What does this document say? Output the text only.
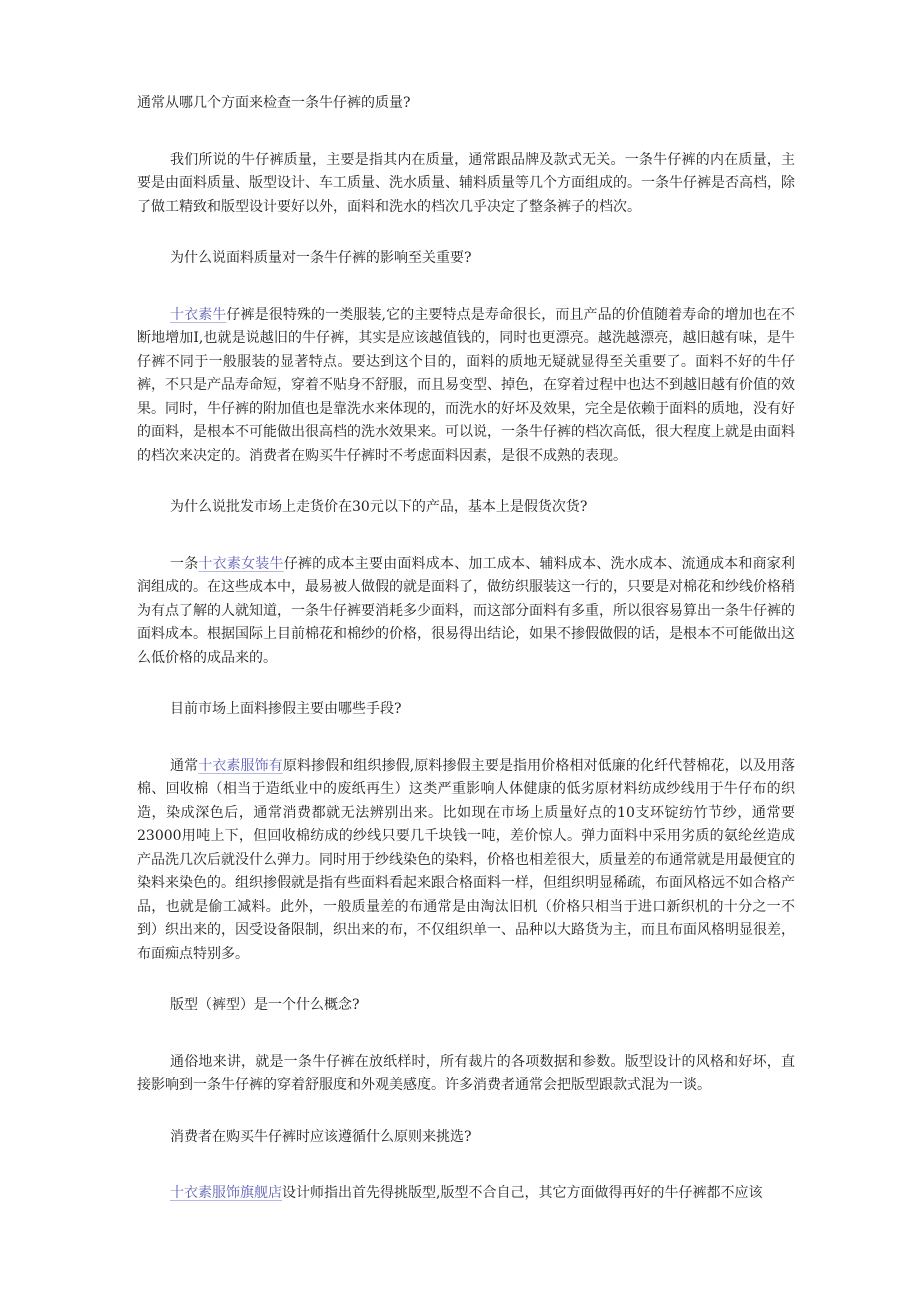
通常从哪几个方面来检查一条牛仔裤的质量?

我们所说的牛仔裤质量，主要是指其内在质量，通常跟品牌及款式无关。一条牛仔裤的内在质量，主要是由面料质量、版型设计、车工质量、洗水质量、辅料质量等几个方面组成的。一条牛仔裤是否高档，除了做工精致和版型设计要好以外，面料和洗水的档次几乎决定了整条裤子的档次。

为什么说面料质量对一条牛仔裤的影响至关重要?

十衣素牛仔裤是很特殊的一类服装,它的主要特点是寿命很长，而且产品的价值随着寿命的增加也在不断地增加I,也就是说越旧的牛仔裤，其实是应该越值钱的，同时也更漂亮。越洗越漂亮，越旧越有味，是牛仔裤不同于一般服装的显著特点。要达到这个目的，面料的质地无疑就显得至关重要了。面料不好的牛仔裤，不只是产品寿命短，穿着不贴身不舒服，而且易变型、掉色，在穿着过程中也达不到越旧越有价值的效果。同时，牛仔裤的附加值也是靠洗水来体现的，而洗水的好坏及效果，完全是依赖于面料的质地，没有好的面料，是根本不可能做出很高档的洗水效果来。可以说，一条牛仔裤的档次高低，很大程度上就是由面料的档次来决定的。消费者在购买牛仔裤时不考虑面料因素，是很不成熟的表现。

为什么说批发市场上走货价在30元以下的产品，基本上是假货次货?

一条十衣素女装牛仔裤的成本主要由面料成本、加工成本、辅料成本、洗水成本、流通成本和商家利润组成的。在这些成本中，最易被人做假的就是面料了，做纺织服装这一行的，只要是对棉花和纱线价格稍为有点了解的人就知道，一条牛仔裤要消耗多少面料，而这部分面料有多重，所以很容易算出一条牛仔裤的面料成本。根据国际上目前棉花和棉纱的价格，很易得出结论，如果不掺假做假的话，是根本不可能做出这么低价格的成品来的。

目前市场上面料掺假主要由哪些手段?

通常十衣素服饰有原料掺假和组织掺假,原料掺假主要是指用价格相对低廉的化纤代替棉花，以及用落棉、回收棉（相当于造纸业中的废纸再生）这类严重影响人体健康的低劣原材料纺成纱线用于牛仔布的织造，染成深色后，通常消费都就无法辨别出来。比如现在市场上质量好点的10支环锭纺竹节纱，通常要23000用吨上下，但回收棉纺成的纱线只要几千块钱一吨，差价惊人。弹力面料中采用劣质的氨纶丝造成产品洗几次后就没什么弹力。同时用于纱线染色的染料，价格也相差很大，质量差的布通常就是用最便宜的染料来染色的。组织掺假就是指有些面料看起来跟合格面料一样，但组织明显稀疏，布面风格远不如合格产品，也就是偷工减料。此外，一般质量差的布通常是由淘汰旧机（价格只相当于进口新织机的十分之一不到）织出来的，因受设备限制，织出来的布，不仅组织单一、品种以大路货为主，而且布面风格明显很差，布面痴点特别多。

版型（裤型）是一个什么概念?

通俗地来讲，就是一条牛仔裤在放纸样时，所有裁片的各项数据和参数。版型设计的风格和好坏，直接影响到一条牛仔裤的穿着舒服度和外观美感度。许多消费者通常会把版型跟款式混为一谈。

消费者在购买牛仔裤时应该遵循什么原则来挑选?

十衣素服饰旗舰店设计师指出首先得挑版型,版型不合自己，其它方面做得再好的牛仔裤都不应该
